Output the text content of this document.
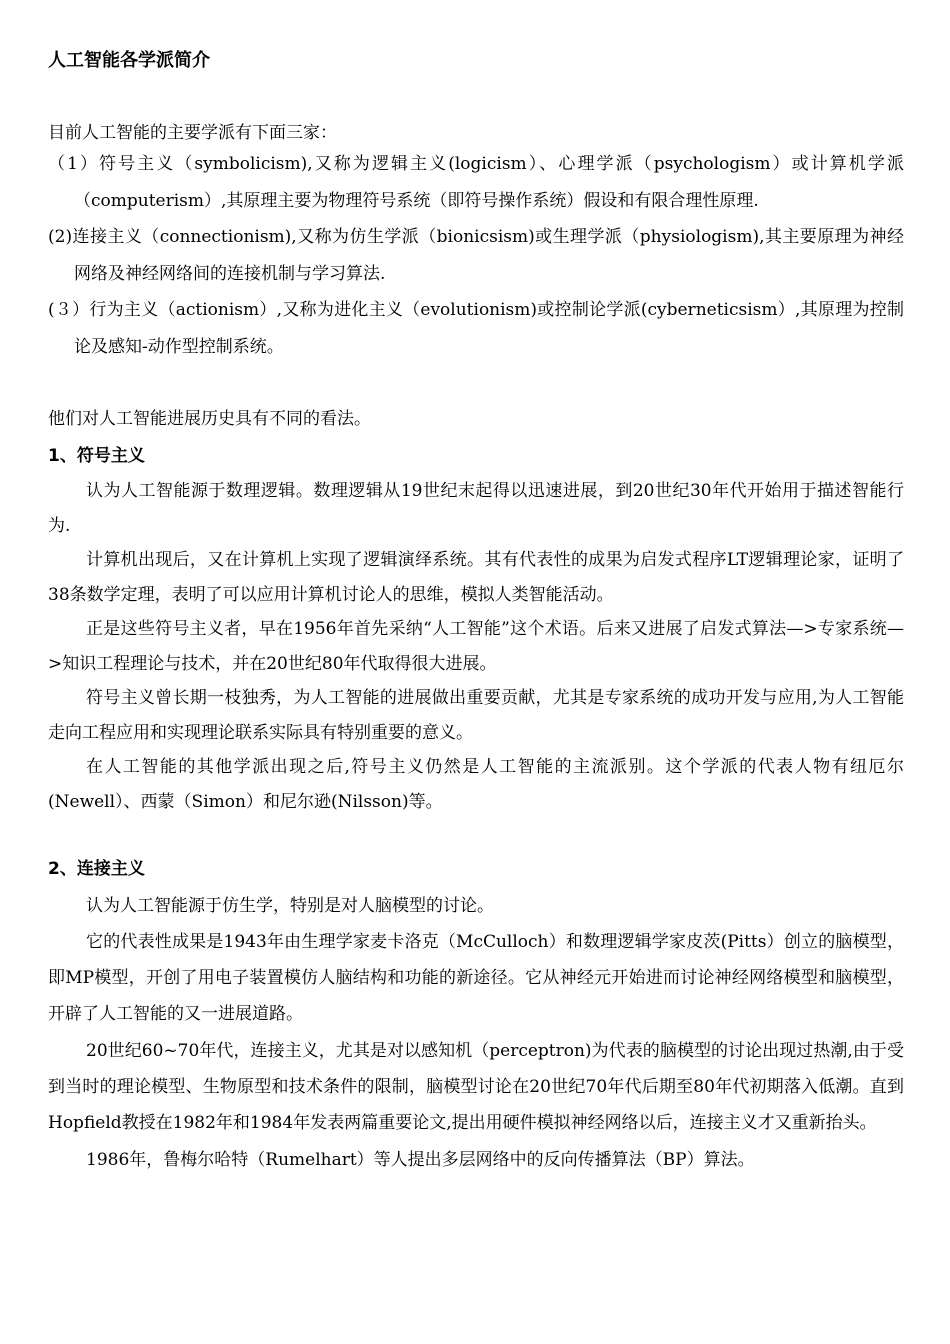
人工智能各学派简介
目前人工智能的主要学派有下面三家：
（1）符号主义（symbolicism),又称为逻辑主义(logicism）、心理学派（psychologism）或计算机学派（computerism）,其原理主要为物理符号系统（即符号操作系统）假设和有限合理性原理.
(2)连接主义（connectionism),又称为仿生学派（bionicsism)或生理学派（physiologism),其主要原理为神经网络及神经网络间的连接机制与学习算法.
(３）行为主义（actionism）,又称为进化主义（evolutionism)或控制论学派(cyberneticsism）,其原理为控制论及感知-动作型控制系统。
他们对人工智能进展历史具有不同的看法。
1、符号主义

认为人工智能源于数理逻辑。数理逻辑从19世纪末起得以迅速进展，到20世纪30年代开始用于描述智能行为.

计算机出现后，又在计算机上实现了逻辑演绎系统。其有代表性的成果为启发式程序LT逻辑理论家，证明了38条数学定理，表明了可以应用计算机讨论人的思维，模拟人类智能活动。

正是这些符号主义者，早在1956年首先采纳“人工智能”这个术语。后来又进展了启发式算法—>专家系统—>知识工程理论与技术，并在20世纪80年代取得很大进展。

符号主义曾长期一枝独秀，为人工智能的进展做出重要贡献，尤其是专家系统的成功开发与应用,为人工智能走向工程应用和实现理论联系实际具有特别重要的意义。

在人工智能的其他学派出现之后,符号主义仍然是人工智能的主流派别。这个学派的代表人物有纽厄尔(Newell）、西蒙（Simon）和尼尔逊(Nilsson)等。

2、连接主义

认为人工智能源于仿生学，特别是对人脑模型的讨论。

它的代表性成果是1943年由生理学家麦卡洛克（McCulloch）和数理逻辑学家皮茨(Pitts）创立的脑模型，即MP模型，开创了用电子装置模仿人脑结构和功能的新途径。它从神经元开始进而讨论神经网络模型和脑模型，开辟了人工智能的又一进展道路。

20世纪60~70年代，连接主义，尤其是对以感知机（perceptron)为代表的脑模型的讨论出现过热潮,由于受到当时的理论模型、生物原型和技术条件的限制，脑模型讨论在20世纪70年代后期至80年代初期落入低潮。直到Hopfield教授在1982年和1984年发表两篇重要论文,提出用硬件模拟神经网络以后，连接主义才又重新抬头。

1986年，鲁梅尔哈特（Rumelhart）等人提出多层网络中的反向传播算法（BP）算法。
